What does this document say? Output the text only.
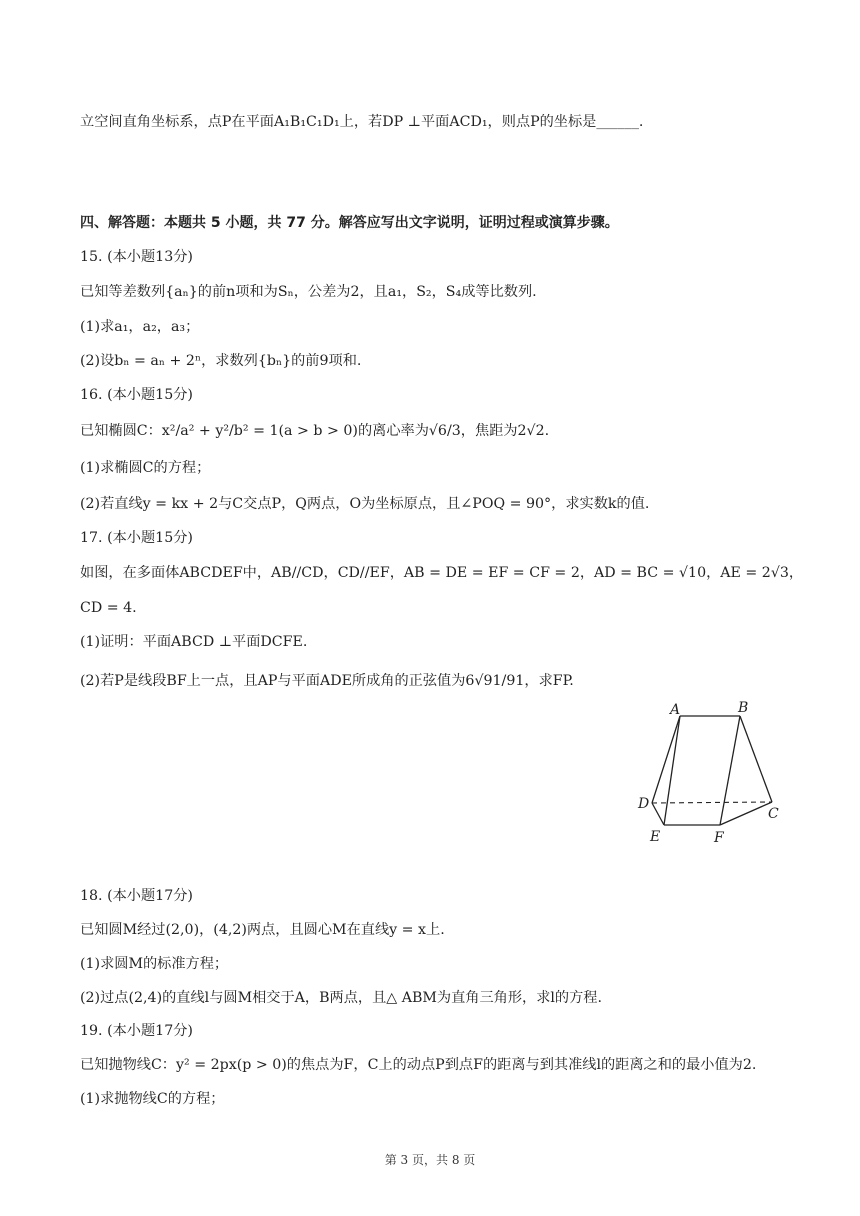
立空间直角坐标系，点P在平面A₁B₁C₁D₁上，若DP ⊥平面ACD₁，则点P的坐标是______.
四、解答题：本题共 5 小题，共 77 分。解答应写出文字说明，证明过程或演算步骤。
15. (本小题13分)
已知等差数列{aₙ}的前n项和为Sₙ，公差为2，且a₁，S₂，S₄成等比数列.
(1)求a₁，a₂，a₃；
(2)设bₙ = aₙ + 2ⁿ，求数列{bₙ}的前9项和.
16. (本小题15分)
已知椭圆C：x²/a² + y²/b² = 1(a > b > 0)的离心率为√6/3，焦距为2√2.
(1)求椭圆C的方程；
(2)若直线y = kx + 2与C交点P，Q两点，O为坐标原点，且∠POQ = 90°，求实数k的值.
17. (本小题15分)
如图，在多面体ABCDEF中，AB//CD，CD//EF，AB = DE = EF = CF = 2，AD = BC = √10，AE = 2√3，
CD = 4.
(1)证明：平面ABCD ⊥平面DCFE.
(2)若P是线段BF上一点，且AP与平面ADE所成角的正弦值为6√91/91，求FP.
A	B
C
D
E	F
18. (本小题17分)
已知圆M经过(2,0)，(4,2)两点，且圆心M在直线y = x上.
(1)求圆M的标准方程；
(2)过点(2,4)的直线l与圆M相交于A，B两点，且△ ABM为直角三角形，求l的方程.
19. (本小题17分)
已知抛物线C：y² = 2px(p > 0)的焦点为F，C上的动点P到点F的距离与到其准线l的距离之和的最小值为2.
(1)求抛物线C的方程；
第 3 页，共 8 页
